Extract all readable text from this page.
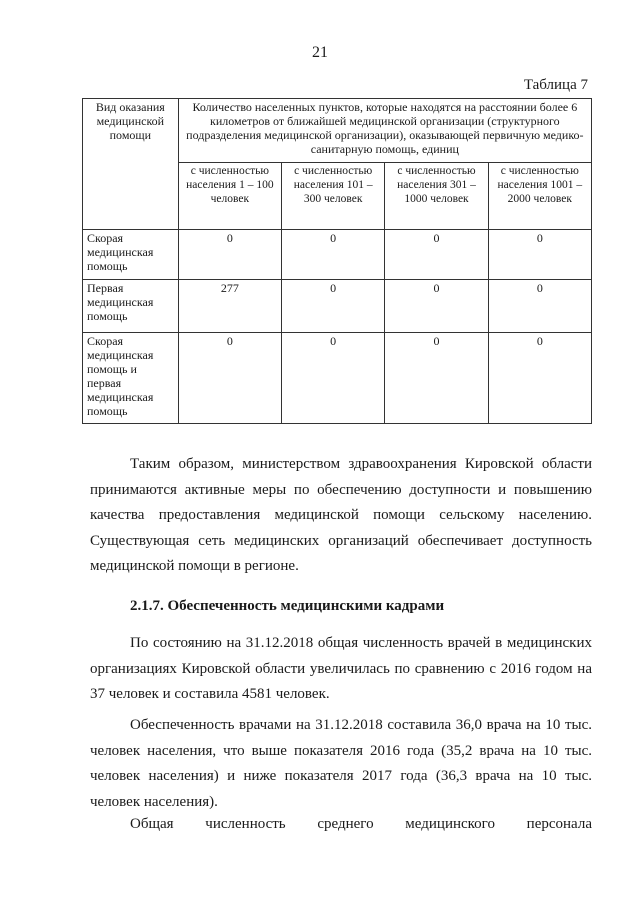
21
Таблица 7
Вид оказания медицинской помощи	Количество населенных пунктов, которые находятся на расстоянии более 6 километров от ближайшей медицинской организации (структурного подразделения медицинской организации), оказывающей первичную медико-санитарную помощь, единиц			
	с численностью населения 1 – 100 человек	с численностью населения 101 – 300 человек	с численностью населения 301 – 1000 человек	с численностью населения 1001 – 2000 человек
Скорая медицинская помощь	0	0	0	0
Первая медицинская помощь	277	0	0	0
Скорая медицинская помощь и первая медицинская помощь	0	0	0	0

Таким образом, министерством здравоохранения Кировской области принимаются активные меры по обеспечению доступности и повышению качества предоставления медицинской помощи сельскому населению. Существующая сеть медицинских организаций обеспечивает доступность медицинской помощи в регионе.

2.1.7. Обеспеченность медицинскими кадрами

По состоянию на 31.12.2018 общая численность врачей в медицинских организациях Кировской области увеличилась по сравнению с 2016 годом на 37 человек и составила 4581 человек.

Обеспеченность врачами на 31.12.2018 составила 36,0 врача на 10 тыс. человек населения, что выше показателя 2016 года (35,2 врача на 10 тыс. человек населения) и ниже показателя 2017 года (36,3 врача на 10 тыс. человек населения).

Общая численность среднего медицинского персонала
